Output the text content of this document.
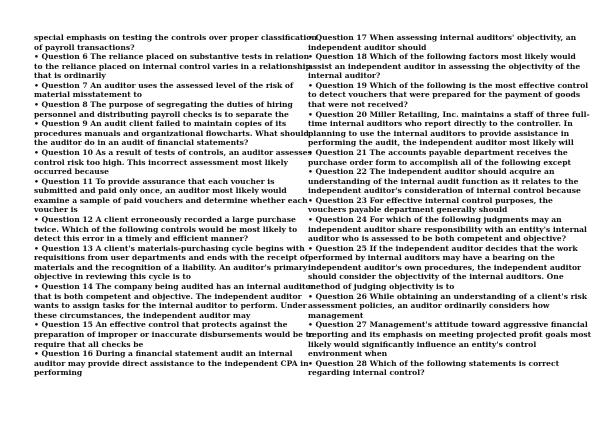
special emphasis on testing the controls over proper classification
of payroll transactions?
• Question 6 The reliance placed on substantive tests in relation
to the reliance placed on internal control varies in a relationship
that is ordinarily
• Question 7 An auditor uses the assessed level of the risk of
material misstatement to
• Question 8 The purpose of segregating the duties of hiring
personnel and distributing payroll checks is to separate the
• Question 9 An audit client failed to maintain copies of its
procedures manuals and organizational flowcharts. What should
the auditor do in an audit of financial statements?
• Question 10 As a result of tests of controls, an auditor assesses
control risk too high. This incorrect assessment most likely
occurred because
• Question 11 To provide assurance that each voucher is
submitted and paid only once, an auditor most likely would
examine a sample of paid vouchers and determine whether each
voucher is
• Question 12 A client erroneously recorded a large purchase
twice. Which of the following controls would be most likely to
detect this error in a timely and efficient manner?
• Question 13 A client's materials-purchasing cycle begins with
requisitions from user departments and ends with the receipt of
materials and the recognition of a liability. An auditor's primary
objective in reviewing this cycle is to
• Question 14 The company being audited has an internal auditor
that is both competent and objective. The independent auditor
wants to assign tasks for the internal auditor to perform. Under
these circumstances, the independent auditor may
• Question 15 An effective control that protects against the
preparation of improper or inaccurate disbursements would be to
require that all checks be
• Question 16 During a financial statement audit an internal
auditor may provide direct assistance to the independent CPA in
performing
• Question 17 When assessing internal auditors' objectivity, an
independent auditor should
• Question 18 Which of the following factors most likely would
assist an independent auditor in assessing the objectivity of the
internal auditor?
• Question 19 Which of the following is the most effective control
to detect vouchers that were prepared for the payment of goods
that were not received?
• Question 20 Miller Retailing, Inc. maintains a staff of three full-
time internal auditors who report directly to the controller. In
planning to use the internal auditors to provide assistance in
performing the audit, the independent auditor most likely will
• Question 21 The accounts payable department receives the
purchase order form to accomplish all of the following except
• Question 22 The independent auditor should acquire an
understanding of the internal audit function as it relates to the
independent auditor's consideration of internal control because
• Question 23 For effective internal control purposes, the
vouchers payable department generally should
• Question 24 For which of the following judgments may an
independent auditor share responsibility with an entity's internal
auditor who is assessed to be both competent and objective?
• Question 25 If the independent auditor decides that the work
performed by internal auditors may have a bearing on the
independent auditor's own procedures, the independent auditor
should consider the objectivity of the internal auditors. One
method of judging objectivity is to
• Question 26 While obtaining an understanding of a client's risk
assessment policies, an auditor ordinarily considers how
management
• Question 27 Management's attitude toward aggressive financial
reporting and its emphasis on meeting projected profit goals most
likely would significantly influence an entity's control
environment when
• Question 28 Which of the following statements is correct
regarding internal control?
